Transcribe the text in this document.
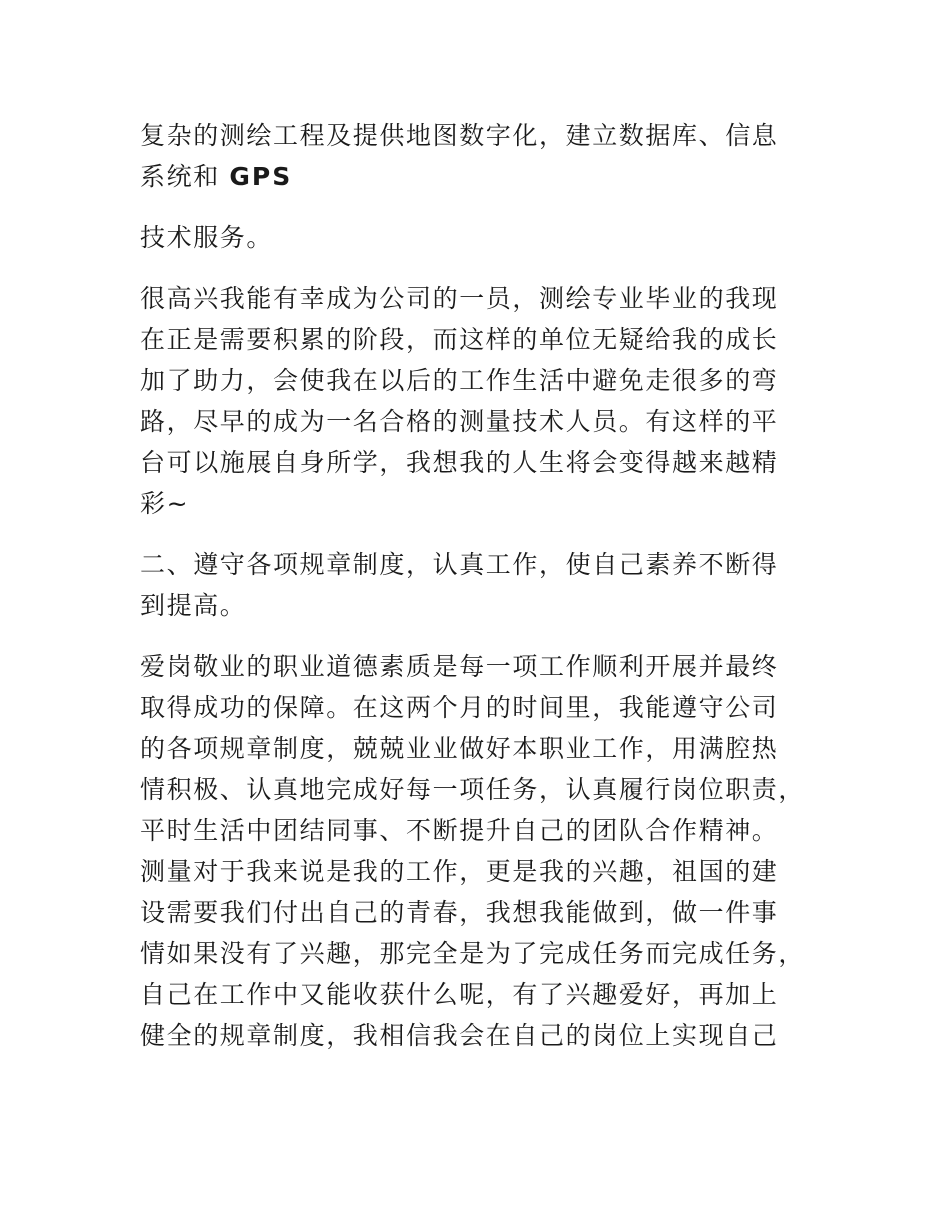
复杂的测绘工程及提供地图数字化，建立数据库、信息
系统和 GPS

技术服务。

很高兴我能有幸成为公司的一员，测绘专业毕业的我现
在正是需要积累的阶段，而这样的单位无疑给我的成长
加了助力，会使我在以后的工作生活中避免走很多的弯
路，尽早的成为一名合格的测量技术人员。有这样的平
台可以施展自身所学，我想我的人生将会变得越来越精
彩~

二、遵守各项规章制度，认真工作，使自己素养不断得
到提高。

爱岗敬业的职业道德素质是每一项工作顺利开展并最终
取得成功的保障。在这两个月的时间里，我能遵守公司
的各项规章制度，兢兢业业做好本职业工作，用满腔热
情积极、认真地完成好每一项任务，认真履行岗位职责，
平时生活中团结同事、不断提升自己的团队合作精神。
测量对于我来说是我的工作，更是我的兴趣，祖国的建
设需要我们付出自己的青春，我想我能做到，做一件事
情如果没有了兴趣，那完全是为了完成任务而完成任务，
自己在工作中又能收获什么呢，有了兴趣爱好，再加上
健全的规章制度，我相信我会在自己的岗位上实现自己
